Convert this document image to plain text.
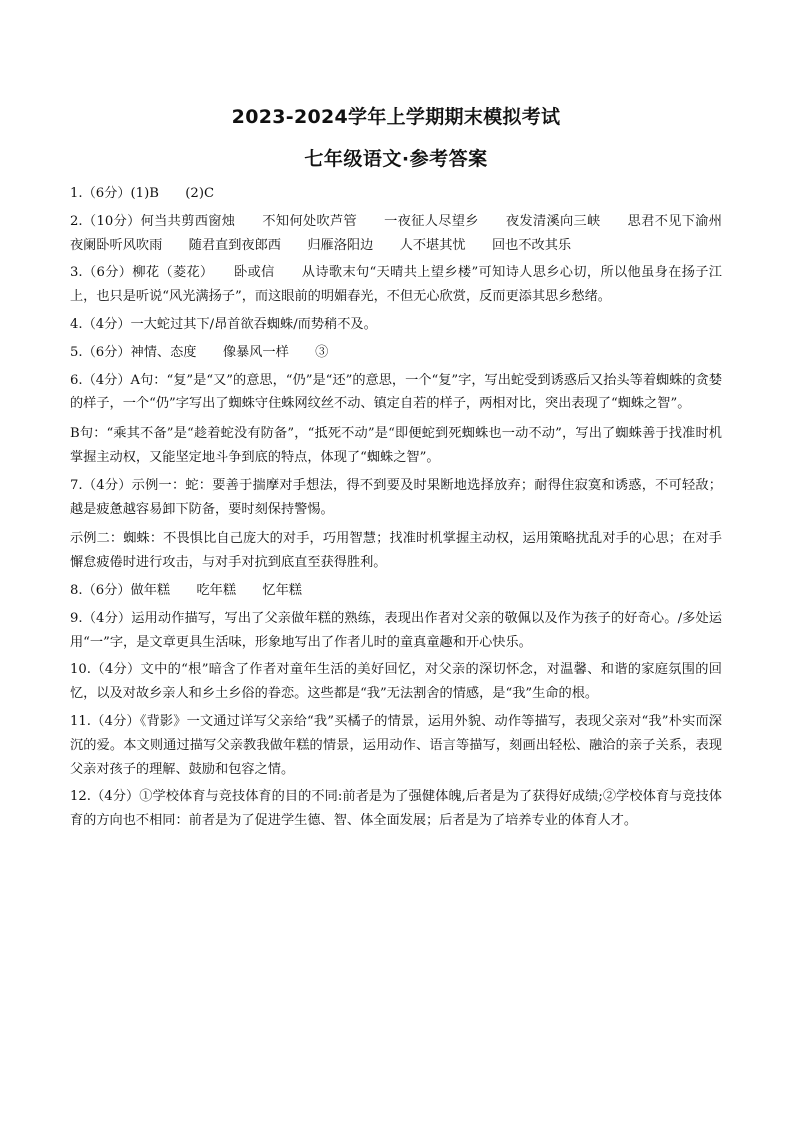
2023-2024学年上学期期末模拟考试
七年级语文·参考答案

1.（6分）(1)B　　(2)C

2.（10分）何当共剪西窗烛　　不知何处吹芦管　　一夜征人尽望乡　　夜发清溪向三峡　　思君不见下渝州　　夜阑卧听风吹雨　　随君直到夜郎西　　归雁洛阳边　　人不堪其忧　　回也不改其乐

3.（6分）柳花（菱花）　　卧或信　　从诗歌末句“天晴共上望乡楼”可知诗人思乡心切，所以他虽身在扬子江上，也只是听说“风光满扬子”，而这眼前的明媚春光，不但无心欣赏，反而更添其思乡愁绪。

4.（4分）一大蛇过其下/昂首欲吞蜘蛛/而势稍不及。

5.（6分）神情、态度　　像暴风一样　　③

6.（4分）A句：“复”是“又”的意思，“仍”是“还”的意思，一个“复”字，写出蛇受到诱惑后又抬头等着蜘蛛的贪婪的样子，一个“仍”字写出了蜘蛛守住蛛网纹丝不动、镇定自若的样子，两相对比，突出表现了“蜘蛛之智”。

B句：“乘其不备”是“趁着蛇没有防备”，“抵死不动”是“即便蛇到死蜘蛛也一动不动”，写出了蜘蛛善于找准时机掌握主动权，又能坚定地斗争到底的特点，体现了“蜘蛛之智”。

7.（4分）示例一：蛇：要善于揣摩对手想法，得不到要及时果断地选择放弃；耐得住寂寞和诱惑，不可轻敌；越是疲惫越容易卸下防备，要时刻保持警惕。

示例二：蜘蛛：不畏惧比自己庞大的对手，巧用智慧；找准时机掌握主动权，运用策略扰乱对手的心思；在对手懈怠疲倦时进行攻击，与对手对抗到底直至获得胜利。

8.（6分）做年糕　　吃年糕　　忆年糕

9.（4分）运用动作描写，写出了父亲做年糕的熟练，表现出作者对父亲的敬佩以及作为孩子的好奇心。/多处运用“一”字，是文章更具生活味，形象地写出了作者儿时的童真童趣和开心快乐。

10.（4分）文中的“根”暗含了作者对童年生活的美好回忆，对父亲的深切怀念，对温馨、和谐的家庭氛围的回忆，以及对故乡亲人和乡土乡俗的眷恋。这些都是“我”无法割舍的情感，是“我”生命的根。

11.（4分）《背影》一文通过详写父亲给“我”买橘子的情景，运用外貌、动作等描写，表现父亲对“我”朴实而深沉的爱。本文则通过描写父亲教我做年糕的情景，运用动作、语言等描写，刻画出轻松、融洽的亲子关系，表现父亲对孩子的理解、鼓励和包容之情。

12.（4分）①学校体育与竞技体育的目的不同:前者是为了强健体魄,后者是为了获得好成绩;②学校体育与竞技体育的方向也不相同：前者是为了促进学生德、智、体全面发展；后者是为了培养专业的体育人才。
